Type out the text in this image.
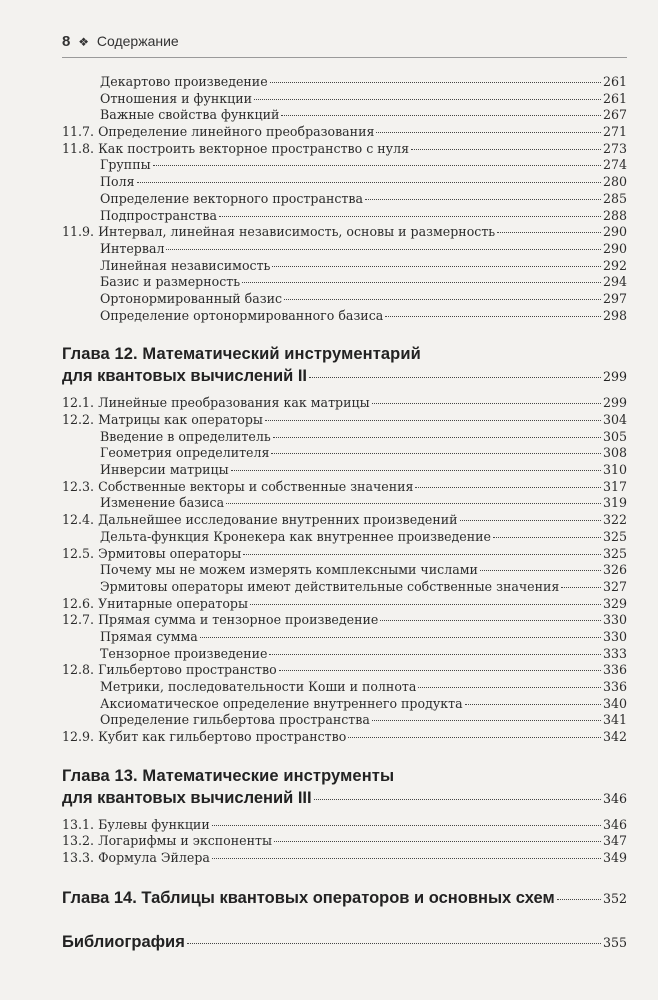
8 ❖ Содержание
Декартово произведение	261
Отношения и функции	261
Важные свойства функций	267
11.7. Определение линейного преобразования	271
11.8. Как построить векторное пространство с нуля	273
Группы	274
Поля	280
Определение векторного пространства	285
Подпространства	288
11.9. Интервал, линейная независимость, основы и размерность	290
Интервал	290
Линейная независимость	292
Базис и размерность	294
Ортонормированный базис	297
Определение ортонормированного базиса	298
Глава 12. Математический инструментарий
для квантовых вычислений II	299
12.1. Линейные преобразования как матрицы	299
12.2. Матрицы как операторы	304
Введение в определитель	305
Геометрия определителя	308
Инверсии матрицы	310
12.3. Собственные векторы и собственные значения	317
Изменение базиса	319
12.4. Дальнейшее исследование внутренних произведений	322
Дельта-функция Кронекера как внутреннее произведение	325
12.5. Эрмитовы операторы	325
Почему мы не можем измерять комплексными числами	326
Эрмитовы операторы имеют действительные собственные значения	327
12.6. Унитарные операторы	329
12.7. Прямая сумма и тензорное произведение	330
Прямая сумма	330
Тензорное произведение	333
12.8. Гильбертово пространство	336
Метрики, последовательности Коши и полнота	336
Аксиоматическое определение внутреннего продукта	340
Определение гильбертова пространства	341
12.9. Кубит как гильбертово пространство	342
Глава 13. Математические инструменты
для квантовых вычислений III	346
13.1. Булевы функции	346
13.2. Логарифмы и экспоненты	347
13.3. Формула Эйлера	349
Глава 14. Таблицы квантовых операторов и основных схем	352
Библиография	355
